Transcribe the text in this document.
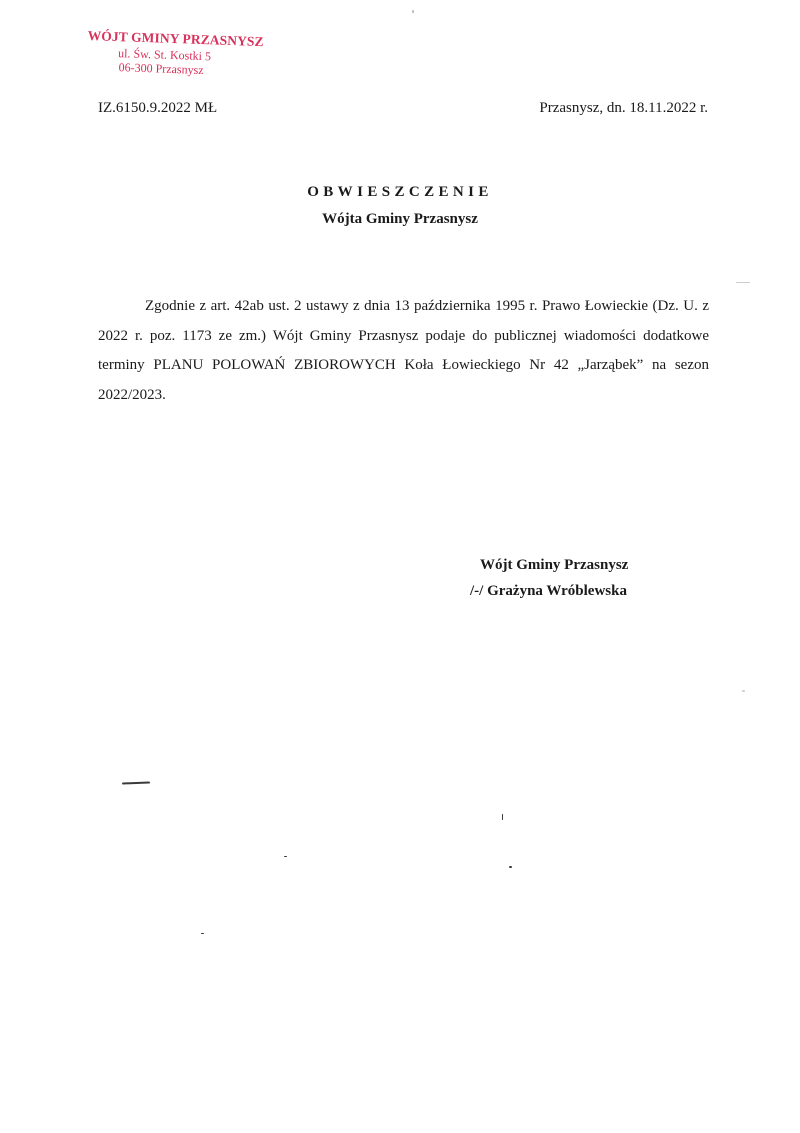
WÓJT GMINY PRZASNYSZ
ul. Św. St. Kostki 5
06-300 Przasnysz
IZ.6150.9.2022 MŁ	Przasnysz, dn. 18.11.2022 r.
OBWIESZCZENIE
Wójta Gminy Przasnysz

Zgodnie z art. 42ab ust. 2 ustawy z dnia 13 października 1995 r. Prawo Łowieckie (Dz. U. z 2022 r. poz. 1173 ze zm.) Wójt Gminy Przasnysz podaje do publicznej wiadomości dodatkowe terminy PLANU POLOWAŃ ZBIOROWYCH Koła Łowieckiego Nr 42 „Jarząbek” na sezon 2022/2023.

Wójt Gminy Przasnysz
/-/ Grażyna Wróblewska
